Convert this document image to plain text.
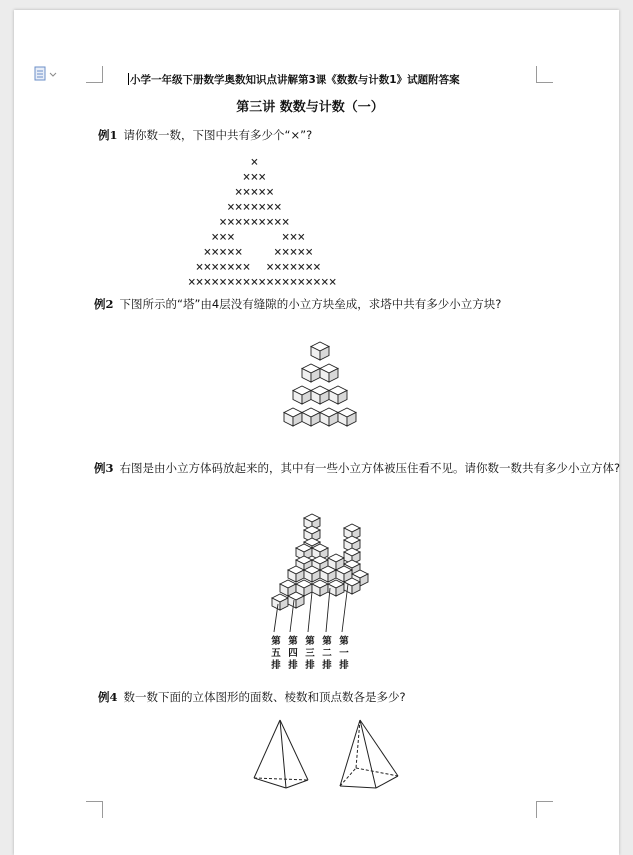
小学一年级下册数学奥数知识点讲解第3课《数数与计数1》试题附答案
第三讲 数数与计数（一）
例1 请你数一数，下图中共有多少个“×”?
×
×××
×××××
×××××××
×××××××××
×××      ×××
×××××    ×××××
×××××××  ×××××××
×××××××××××××××××××
例2 下图所示的“塔”由4层没有缝隙的小立方块垒成，求塔中共有多少小立方块?
例3 右图是由小立方体码放起来的，其中有一些小立方体被压住看不见。请你数一数共有多少小立方体?
第
五
排
第
四
排
第
三
排
第
二
排
第
一
排
例4 数一数下面的立体图形的面数、棱数和顶点数各是多少?
